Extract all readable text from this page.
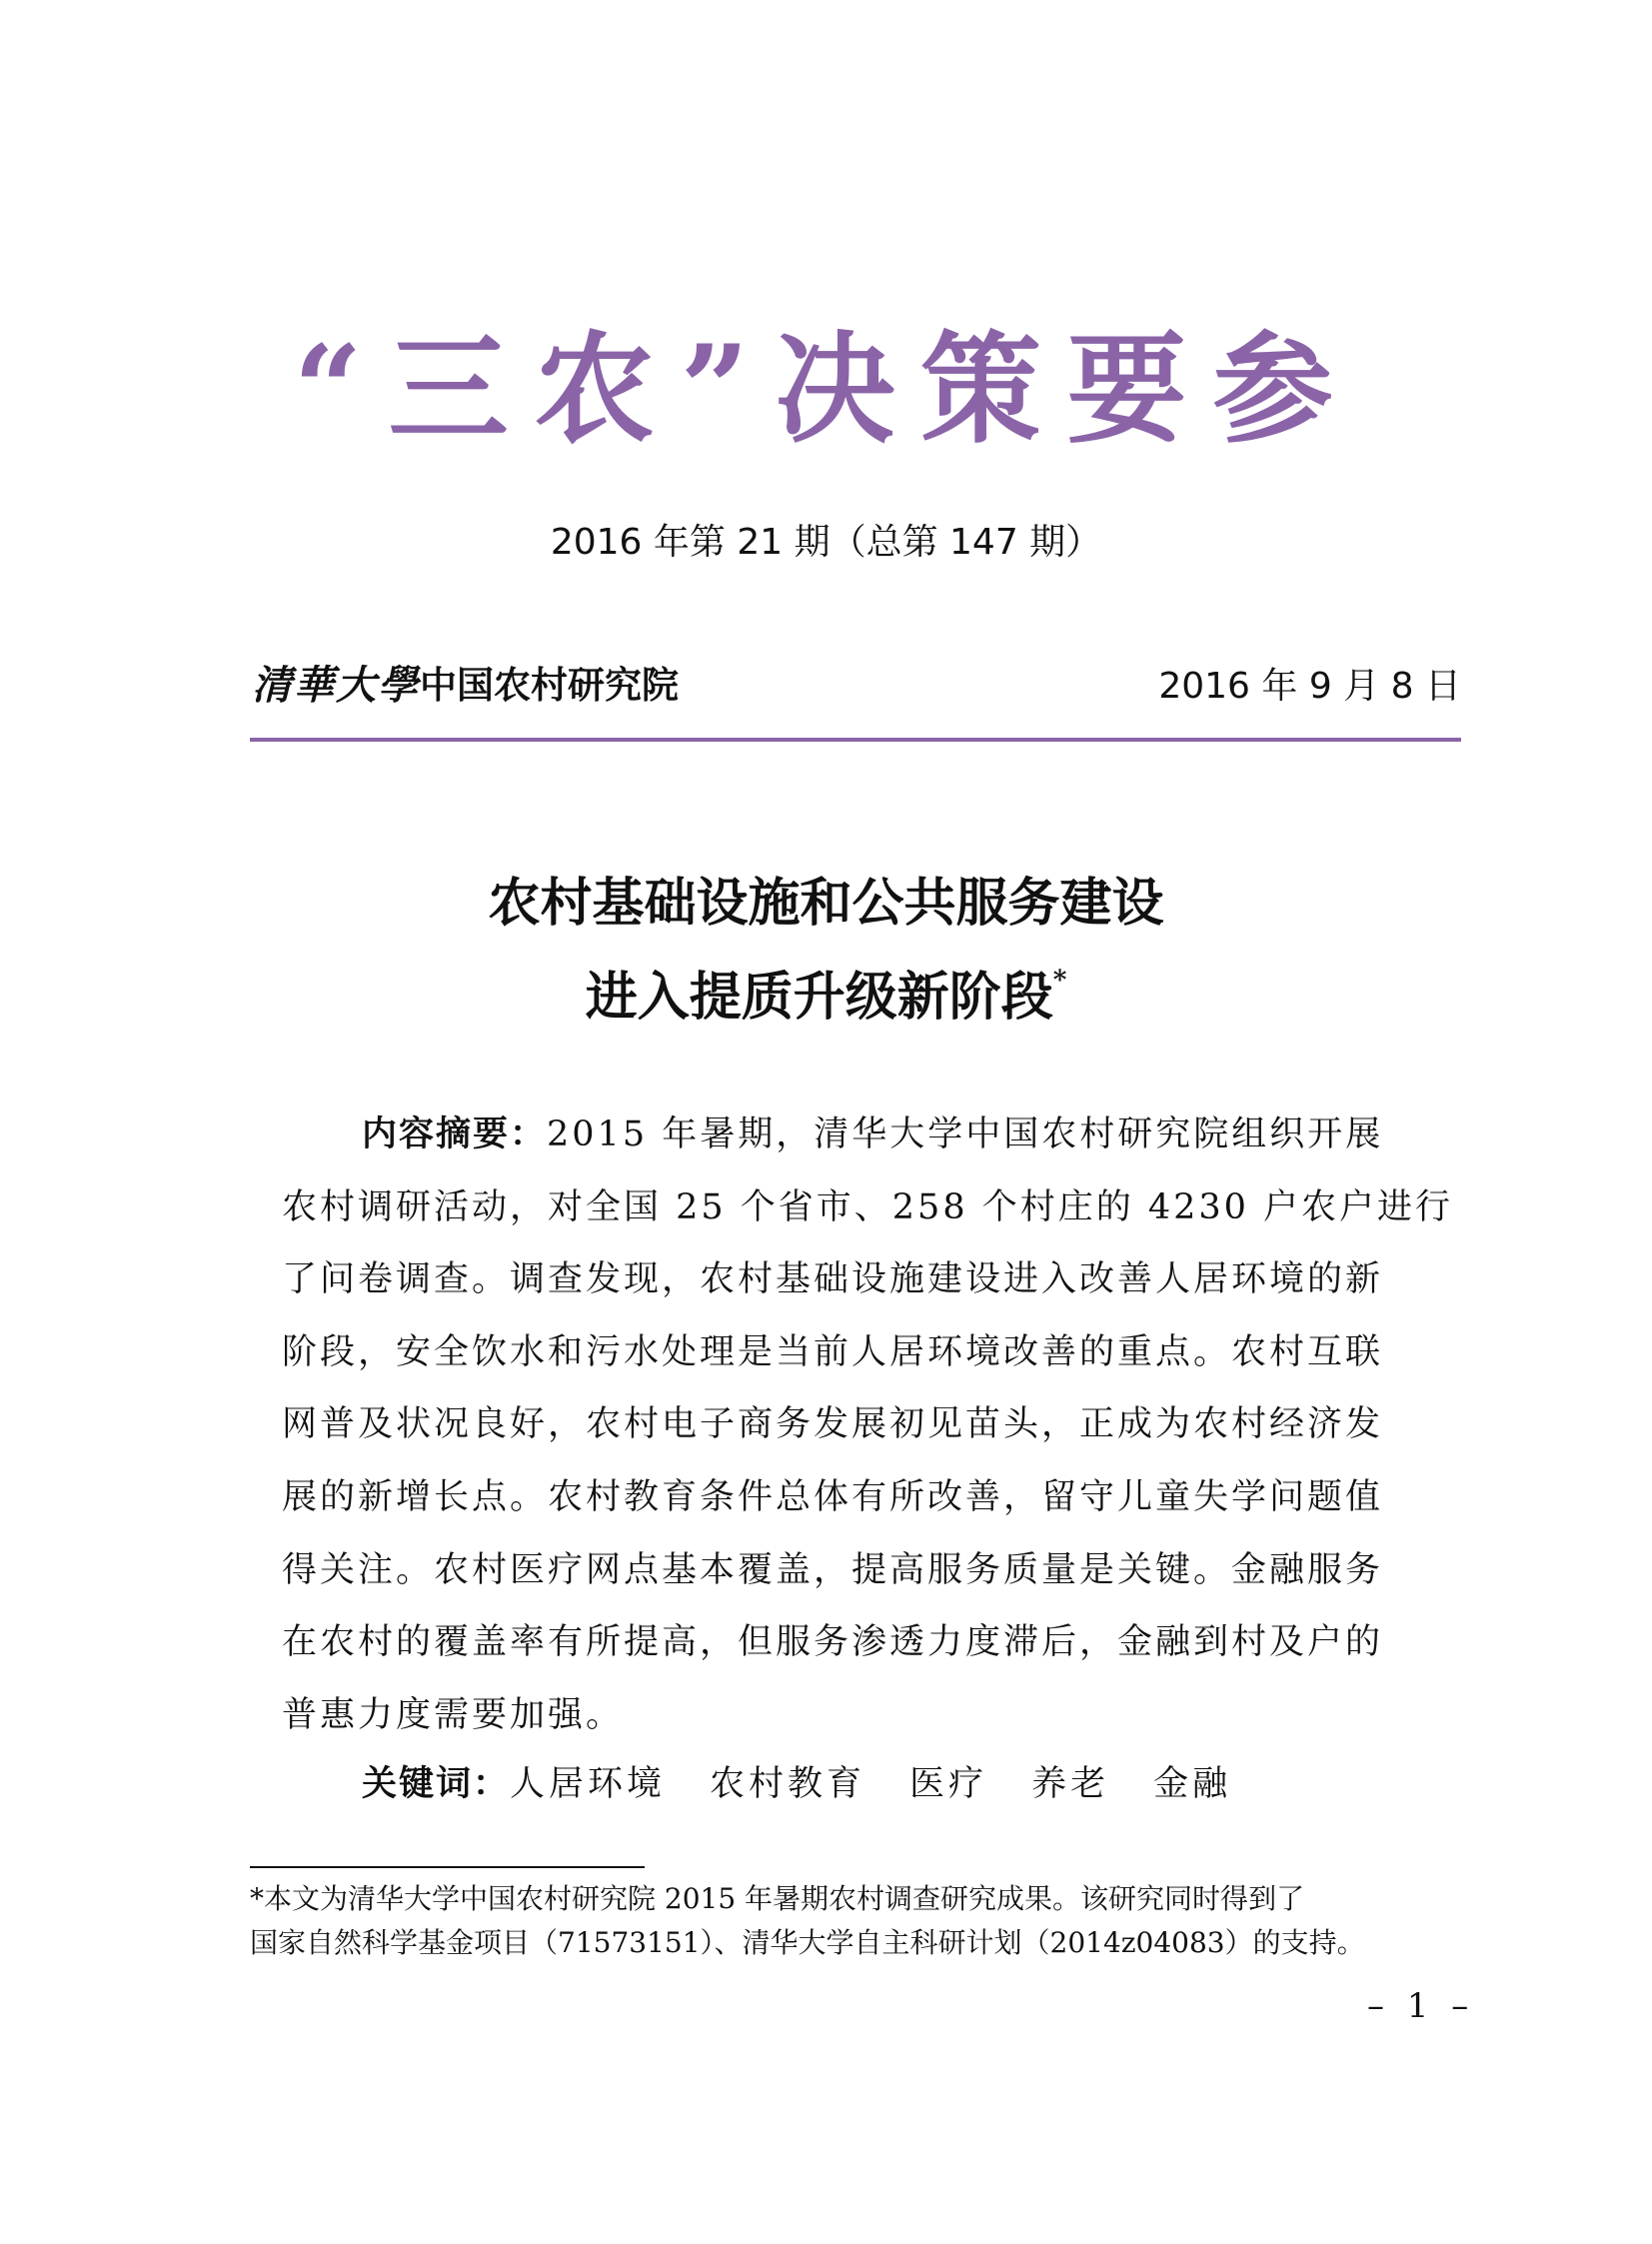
“三农”决策要参
2016 年第 21 期（总第 147 期）
清華大學 中国农村研究院	2016 年 9 月 8 日
农村基础设施和公共服务建设
进入提质升级新阶段*
内容摘要：2015 年暑期，清华大学中国农村研究院组织开展
农村调研活动，对全国 25 个省市、258 个村庄的 4230 户农户进行
了问卷调查。调查发现，农村基础设施建设进入改善人居环境的新
阶段，安全饮水和污水处理是当前人居环境改善的重点。农村互联
网普及状况良好，农村电子商务发展初见苗头，正成为农村经济发
展的新增长点。农村教育条件总体有所改善，留守儿童失学问题值
得关注。农村医疗网点基本覆盖，提高服务质量是关键。金融服务
在农村的覆盖率有所提高，但服务渗透力度滞后，金融到村及户的
普惠力度需要加强。
关键词：人居环境 农村教育 医疗 养老 金融
*本文为清华大学中国农村研究院 2015 年暑期农村调查研究成果。该研究同时得到了
国家自然科学基金项目（71573151）、清华大学自主科研计划（2014z04083）的支持。
– 1 –
